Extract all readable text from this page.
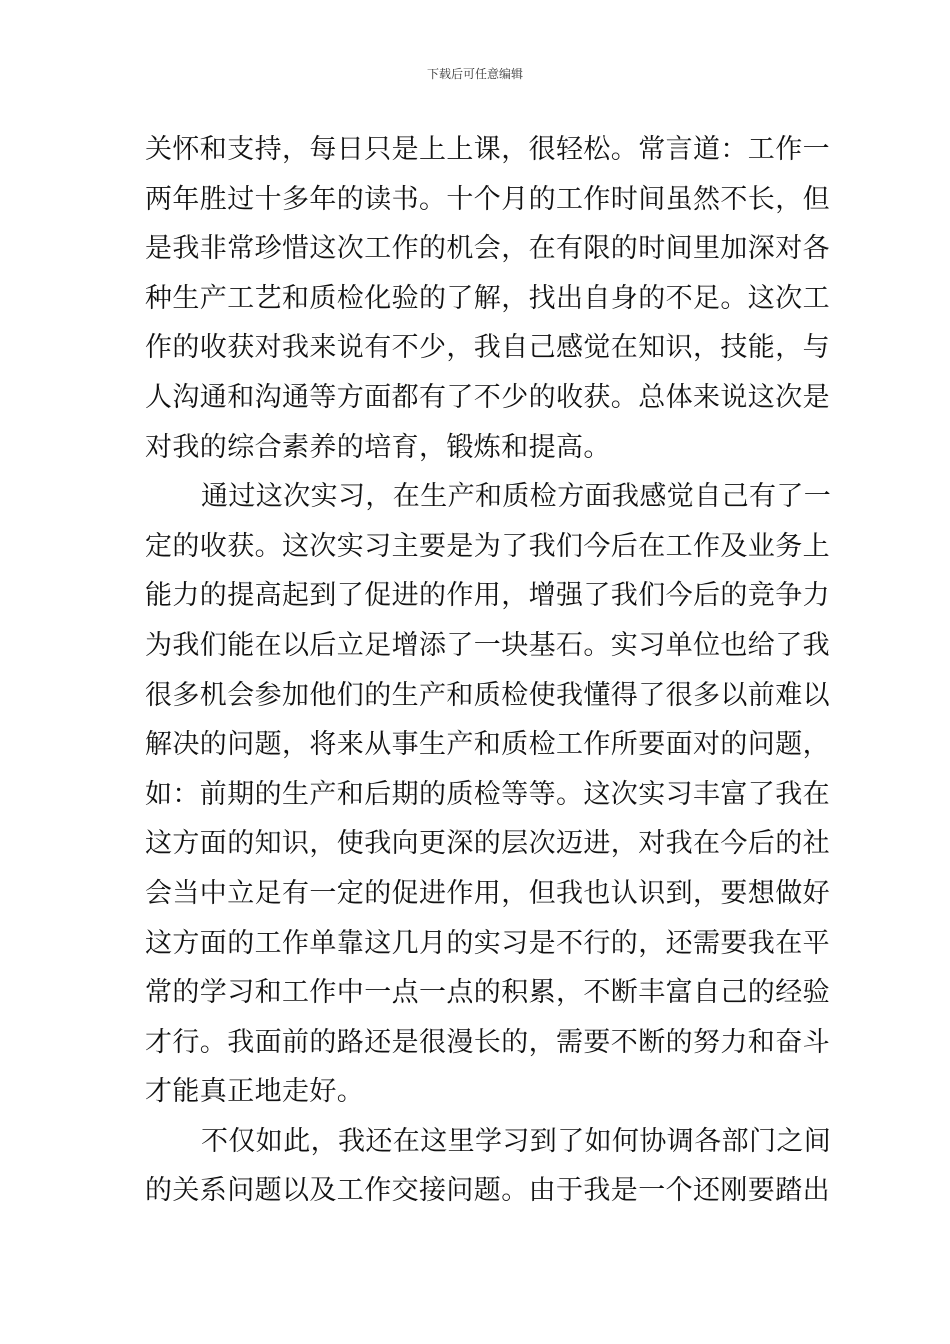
下载后可任意编辑

关怀和支持，每日只是上上课，很轻松。常言道：工作一
两年胜过十多年的读书。十个月的工作时间虽然不长，但
是我非常珍惜这次工作的机会，在有限的时间里加深对各
种生产工艺和质检化验的了解，找出自身的不足。这次工
作的收获对我来说有不少，我自己感觉在知识，技能，与
人沟通和沟通等方面都有了不少的收获。总体来说这次是
对我的综合素养的培育，锻炼和提高。

通过这次实习，在生产和质检方面我感觉自己有了一
定的收获。这次实习主要是为了我们今后在工作及业务上
能力的提高起到了促进的作用，增强了我们今后的竞争力
为我们能在以后立足增添了一块基石。实习单位也给了我
很多机会参加他们的生产和质检使我懂得了很多以前难以
解决的问题，将来从事生产和质检工作所要面对的问题，
如：前期的生产和后期的质检等等。这次实习丰富了我在
这方面的知识，使我向更深的层次迈进，对我在今后的社
会当中立足有一定的促进作用，但我也认识到，要想做好
这方面的工作单靠这几月的实习是不行的，还需要我在平
常的学习和工作中一点一点的积累，不断丰富自己的经验
才行。我面前的路还是很漫长的，需要不断的努力和奋斗
才能真正地走好。

不仅如此，我还在这里学习到了如何协调各部门之间
的关系问题以及工作交接问题。由于我是一个还刚要踏出
